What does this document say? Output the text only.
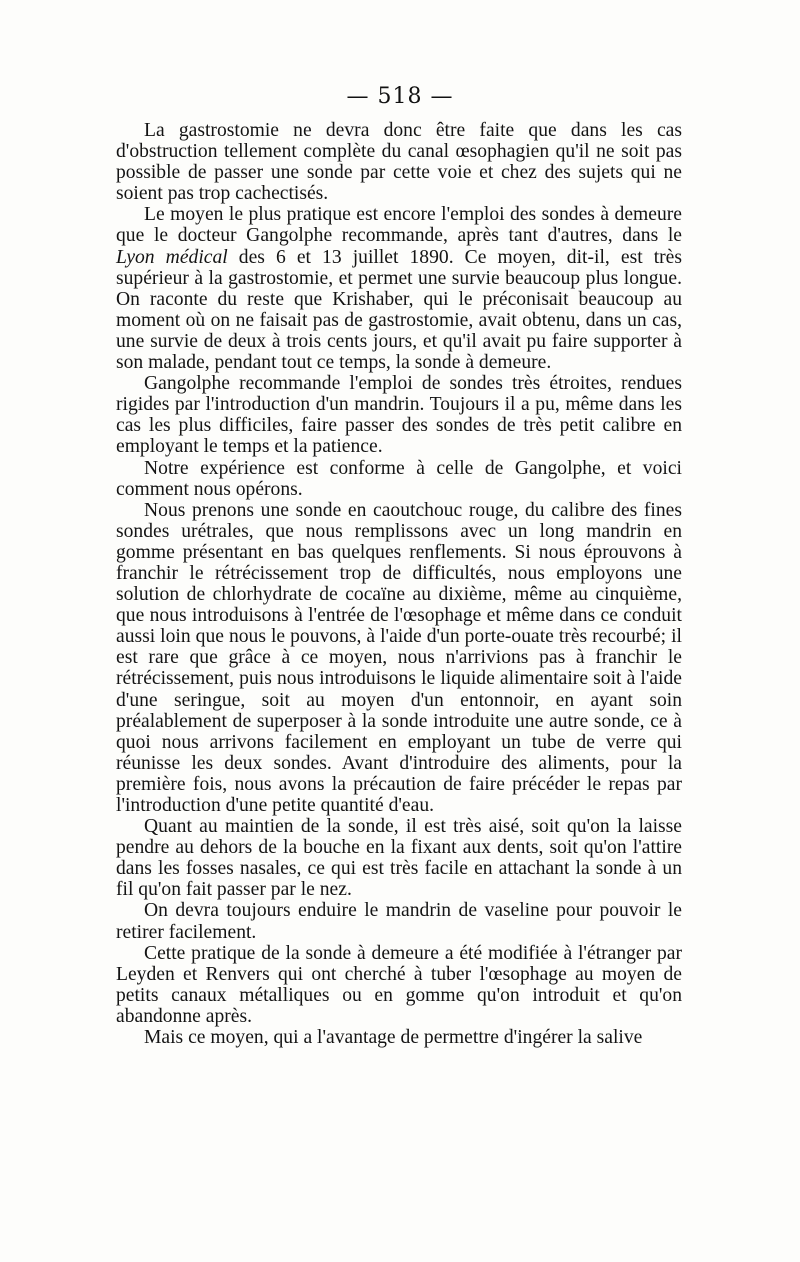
— 518 —

La gastrostomie ne devra donc être faite que dans les cas d'obstruction tellement complète du canal œsophagien qu'il ne soit pas possible de passer une sonde par cette voie et chez des sujets qui ne soient pas trop cachectisés.

Le moyen le plus pratique est encore l'emploi des sondes à demeure que le docteur Gangolphe recommande, après tant d'autres, dans le Lyon médical des 6 et 13 juillet 1890. Ce moyen, dit-il, est très supérieur à la gastrostomie, et permet une survie beaucoup plus longue. On raconte du reste que Krishaber, qui le préconisait beaucoup au moment où on ne faisait pas de gastrostomie, avait obtenu, dans un cas, une survie de deux à trois cents jours, et qu'il avait pu faire supporter à son malade, pendant tout ce temps, la sonde à demeure.

Gangolphe recommande l'emploi de sondes très étroites, rendues rigides par l'introduction d'un mandrin. Toujours il a pu, même dans les cas les plus difficiles, faire passer des sondes de très petit calibre en employant le temps et la patience.

Notre expérience est conforme à celle de Gangolphe, et voici comment nous opérons.

Nous prenons une sonde en caoutchouc rouge, du calibre des fines sondes urétrales, que nous remplissons avec un long mandrin en gomme présentant en bas quelques renflements. Si nous éprouvons à franchir le rétrécissement trop de difficultés, nous employons une solution de chlorhydrate de cocaïne au dixième, même au cinquième, que nous introduisons à l'entrée de l'œsophage et même dans ce conduit aussi loin que nous le pouvons, à l'aide d'un porte-ouate très recourbé; il est rare que grâce à ce moyen, nous n'arrivions pas à franchir le rétrécissement, puis nous introduisons le liquide alimentaire soit à l'aide d'une seringue, soit au moyen d'un entonnoir, en ayant soin préalablement de superposer à la sonde introduite une autre sonde, ce à quoi nous arrivons facilement en employant un tube de verre qui réunisse les deux sondes. Avant d'introduire des aliments, pour la première fois, nous avons la précaution de faire précéder le repas par l'introduction d'une petite quantité d'eau.

Quant au maintien de la sonde, il est très aisé, soit qu'on la laisse pendre au dehors de la bouche en la fixant aux dents, soit qu'on l'attire dans les fosses nasales, ce qui est très facile en attachant la sonde à un fil qu'on fait passer par le nez.

On devra toujours enduire le mandrin de vaseline pour pouvoir le retirer facilement.

Cette pratique de la sonde à demeure a été modifiée à l'étranger par Leyden et Renvers qui ont cherché à tuber l'œsophage au moyen de petits canaux métalliques ou en gomme qu'on introduit et qu'on abandonne après.

Mais ce moyen, qui a l'avantage de permettre d'ingérer la salive
